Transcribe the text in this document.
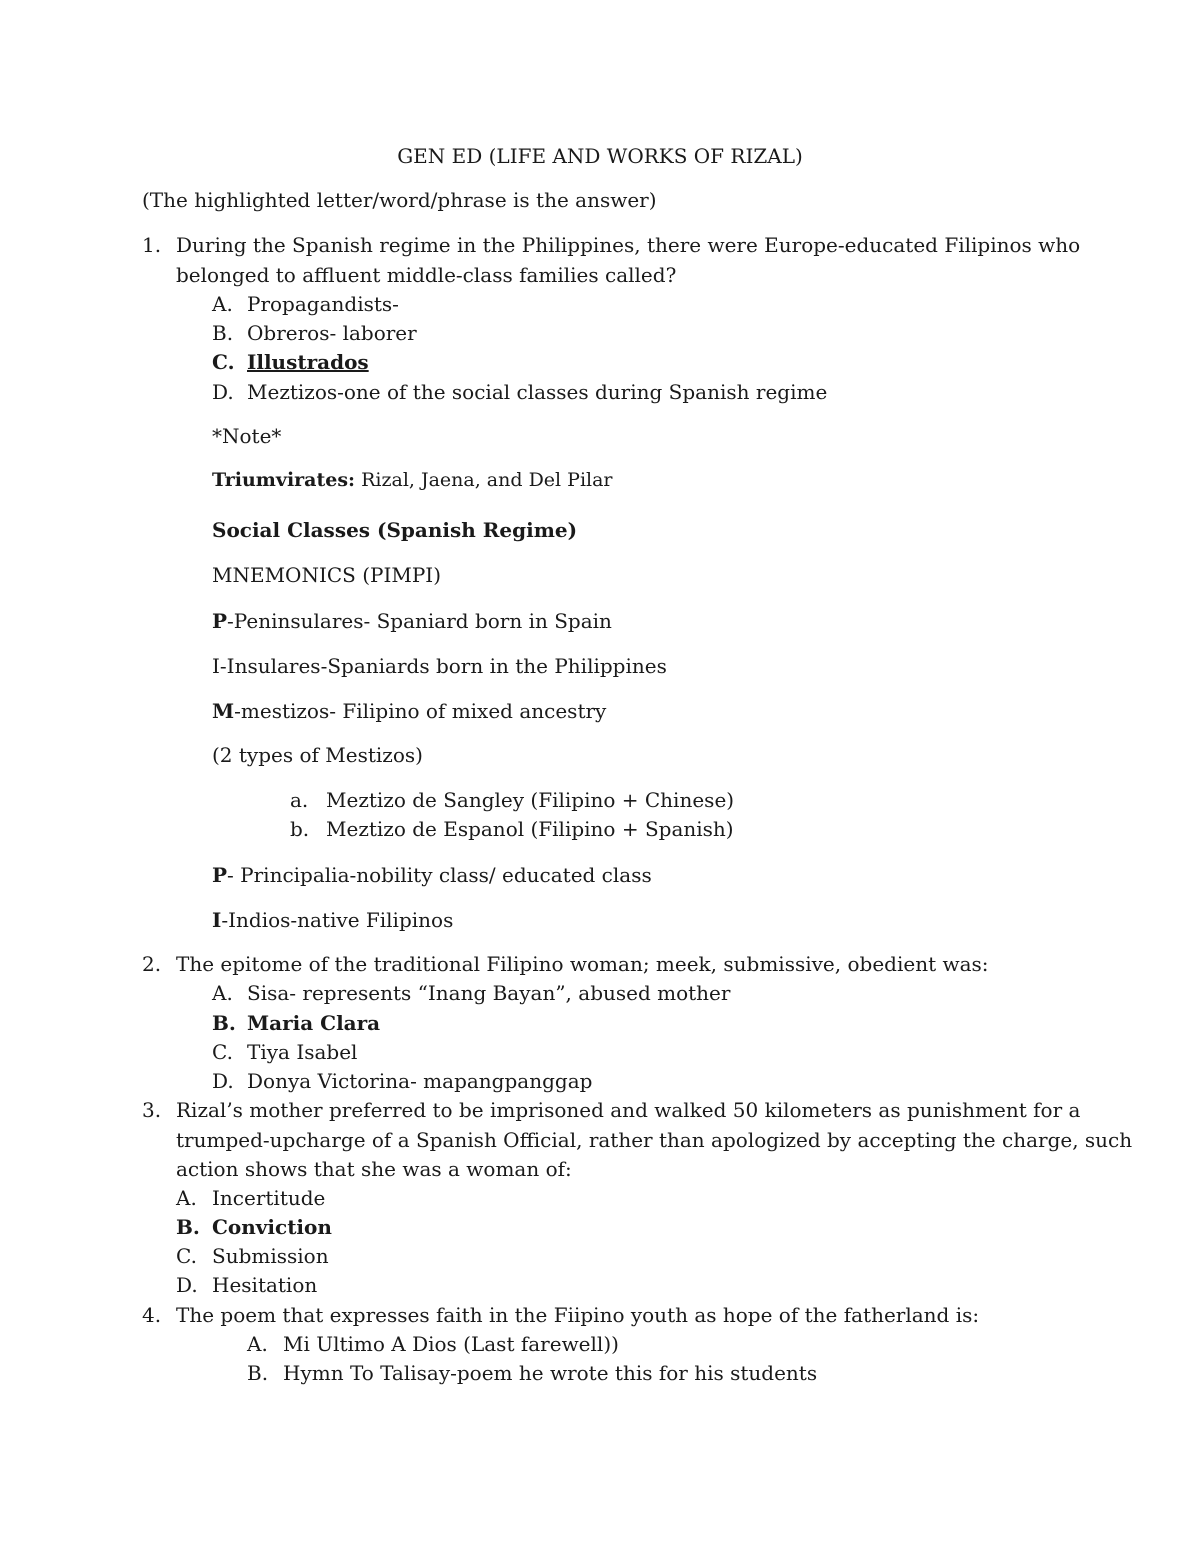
GEN ED (LIFE AND WORKS OF RIZAL)
(The highlighted letter/word/phrase is the answer)
1. During the Spanish regime in the Philippines, there were Europe-educated Filipinos who
belonged to affluent middle-class families called?
A. Propagandists-
B. Obreros- laborer
C. Illustrados
D. Meztizos-one of the social classes during Spanish regime
*Note*
Triumvirates: Rizal, Jaena, and Del Pilar
Social Classes (Spanish Regime)
MNEMONICS (PIMPI)
P-Peninsulares- Spaniard born in Spain
I-Insulares-Spaniards born in the Philippines
M-mestizos- Filipino of mixed ancestry
(2 types of Mestizos)
a. Meztizo de Sangley (Filipino + Chinese)
b. Meztizo de Espanol (Filipino + Spanish)
P- Principalia-nobility class/ educated class
I-Indios-native Filipinos
2. The epitome of the traditional Filipino woman; meek, submissive, obedient was:
A. Sisa- represents “Inang Bayan”, abused mother
B. Maria Clara
C. Tiya Isabel
D. Donya Victorina- mapangpanggap
3. Rizal’s mother preferred to be imprisoned and walked 50 kilometers as punishment for a
trumped-upcharge of a Spanish Official, rather than apologized by accepting the charge, such
action shows that she was a woman of:
A. Incertitude
B. Conviction
C. Submission
D. Hesitation
4. The poem that expresses faith in the Fiipino youth as hope of the fatherland is:
A. Mi Ultimo A Dios (Last farewell))
B. Hymn To Talisay-poem he wrote this for his students
